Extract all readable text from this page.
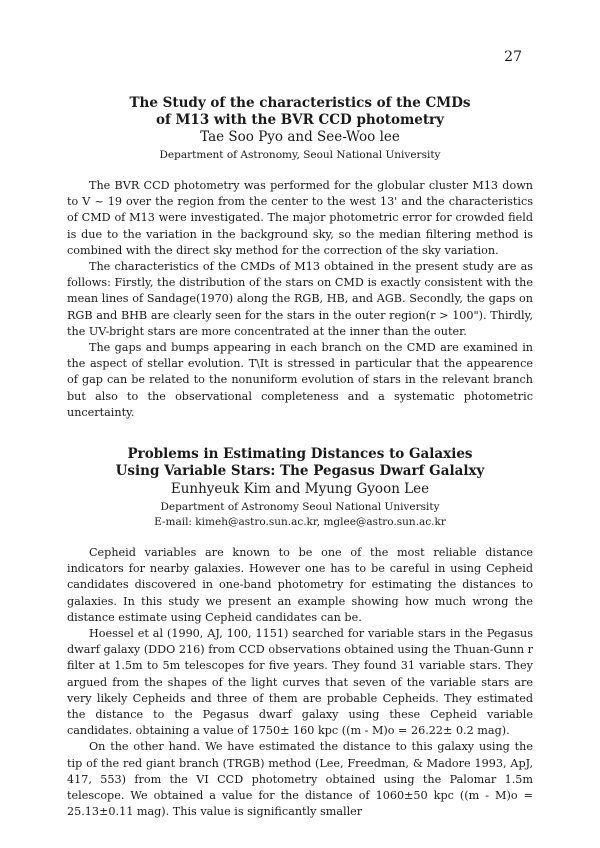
27
The Study of the characteristics of the CMDs
of M13 with the BVR CCD photometry
Tae Soo Pyo and See-Woo lee
Department of Astronomy, Seoul National University

The BVR CCD photometry was performed for the globular cluster M13 down to V ~ 19 over the region from the center to the west 13' and the characteristics of CMD of M13 were investigated. The major photometric error for crowded field is due to the variation in the background sky, so the median filtering method is combined with the direct sky method for the correction of the sky variation.

The characteristics of the CMDs of M13 obtained in the present study are as follows: Firstly, the distribution of the stars on CMD is exactly consistent with the mean lines of Sandage(1970) along the RGB, HB, and AGB. Secondly, the gaps on RGB and BHB are clearly seen for the stars in the outer region(r > 100"). Thirdly, the UV-bright stars are more concentrated at the inner than the outer.

The gaps and bumps appearing in each branch on the CMD are examined in the aspect of stellar evolution. T\It is stressed in particular that the appearence of gap can be related to the nonuniform evolution of stars in the relevant branch but also to the observational completeness and a systematic photometric uncertainty.

Problems in Estimating Distances to Galaxies
Using Variable Stars: The Pegasus Dwarf Galalxy
Eunhyeuk Kim and Myung Gyoon Lee
Department of Astronomy Seoul National University
E-mail: kimeh@astro.sun.ac.kr, mglee@astro.sun.ac.kr

Cepheid variables are known to be one of the most reliable distance indicators for nearby galaxies. However one has to be careful in using Cepheid candidates discovered in one-band photometry for estimating the distances to galaxies. In this study we present an example showing how much wrong the distance estimate using Cepheid candidates can be.

Hoessel et al (1990, AJ, 100, 1151) searched for variable stars in the Pegasus dwarf galaxy (DDO 216) from CCD observations obtained using the Thuan-Gunn r filter at 1.5m to 5m telescopes for five years. They found 31 variable stars. They argued from the shapes of the light curves that seven of the variable stars are very likely Cepheids and three of them are probable Cepheids. They estimated the distance to the Pegasus dwarf galaxy using these Cepheid variable candidates. obtaining a value of 1750± 160 kpc ((m - M)o = 26.22± 0.2 mag).

On the other hand. We have estimated the distance to this galaxy using the tip of the red giant branch (TRGB) method (Lee, Freedman, & Madore 1993, ApJ, 417, 553) from the VI CCD photometry obtained using the Palomar 1.5m telescope. We obtained a value for the distance of 1060±50 kpc ((m - M)o = 25.13±0.11 mag). This value is significantly smaller
